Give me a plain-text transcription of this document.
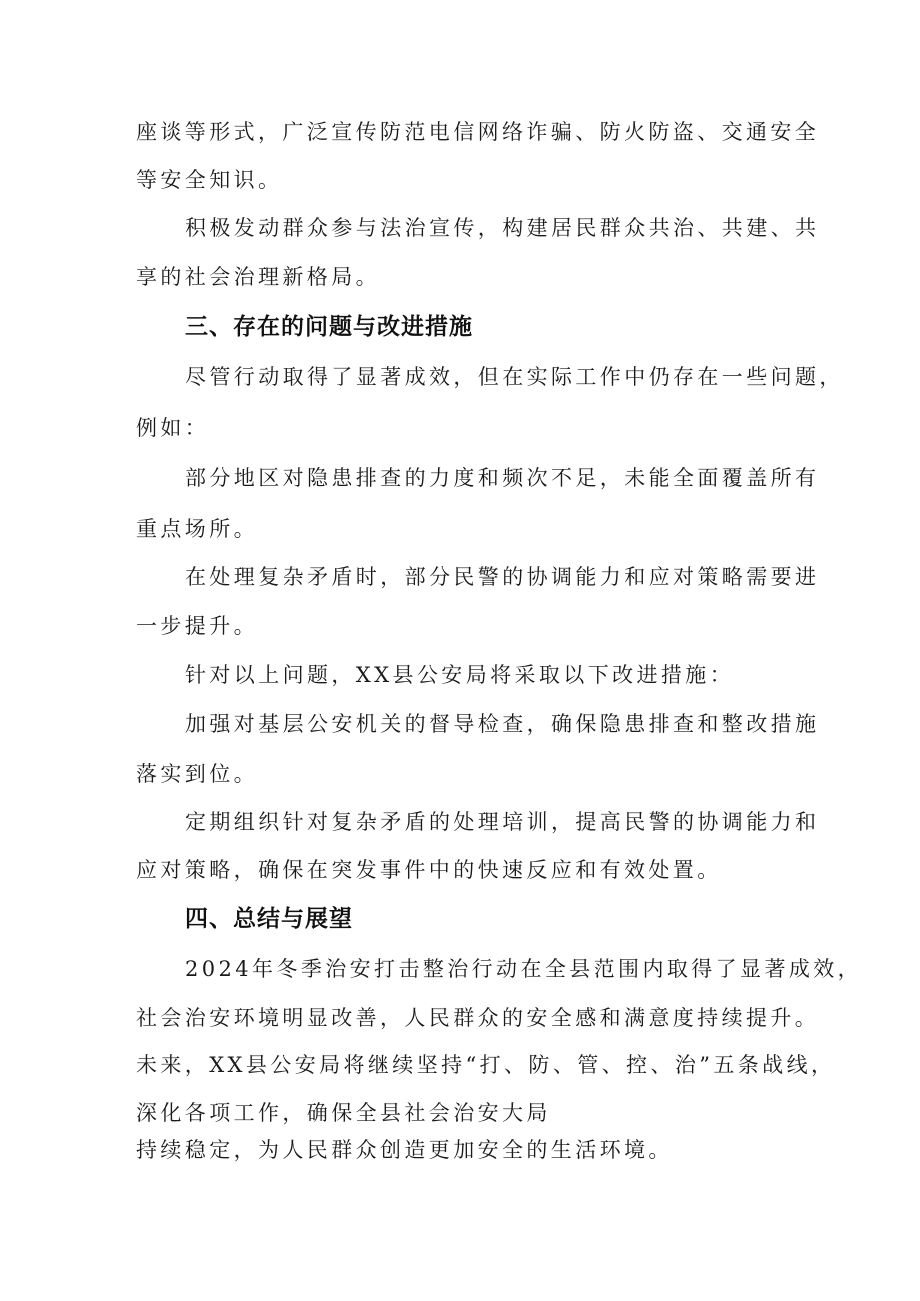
座谈等形式，广泛宣传防范电信网络诈骗、防火防盗、交通安全
等安全知识。
积极发动群众参与法治宣传，构建居民群众共治、共建、共
享的社会治理新格局。
三、存在的问题与改进措施
尽管行动取得了显著成效，但在实际工作中仍存在一些问题，
例如：
部分地区对隐患排查的力度和频次不足，未能全面覆盖所有
重点场所。
在处理复杂矛盾时，部分民警的协调能力和应对策略需要进
一步提升。
针对以上问题，XX县公安局将采取以下改进措施：
加强对基层公安机关的督导检查，确保隐患排查和整改措施
落实到位。
定期组织针对复杂矛盾的处理培训，提高民警的协调能力和
应对策略，确保在突发事件中的快速反应和有效处置。
四、总结与展望
2024年冬季治安打击整治行动在全县范围内取得了显著成效，
社会治安环境明显改善，人民群众的安全感和满意度持续提升。
未来，XX县公安局将继续坚持“打、防、管、控、治”五条战线，
深化各项工作，确保全县社会治安大局
持续稳定，为人民群众创造更加安全的生活环境。
